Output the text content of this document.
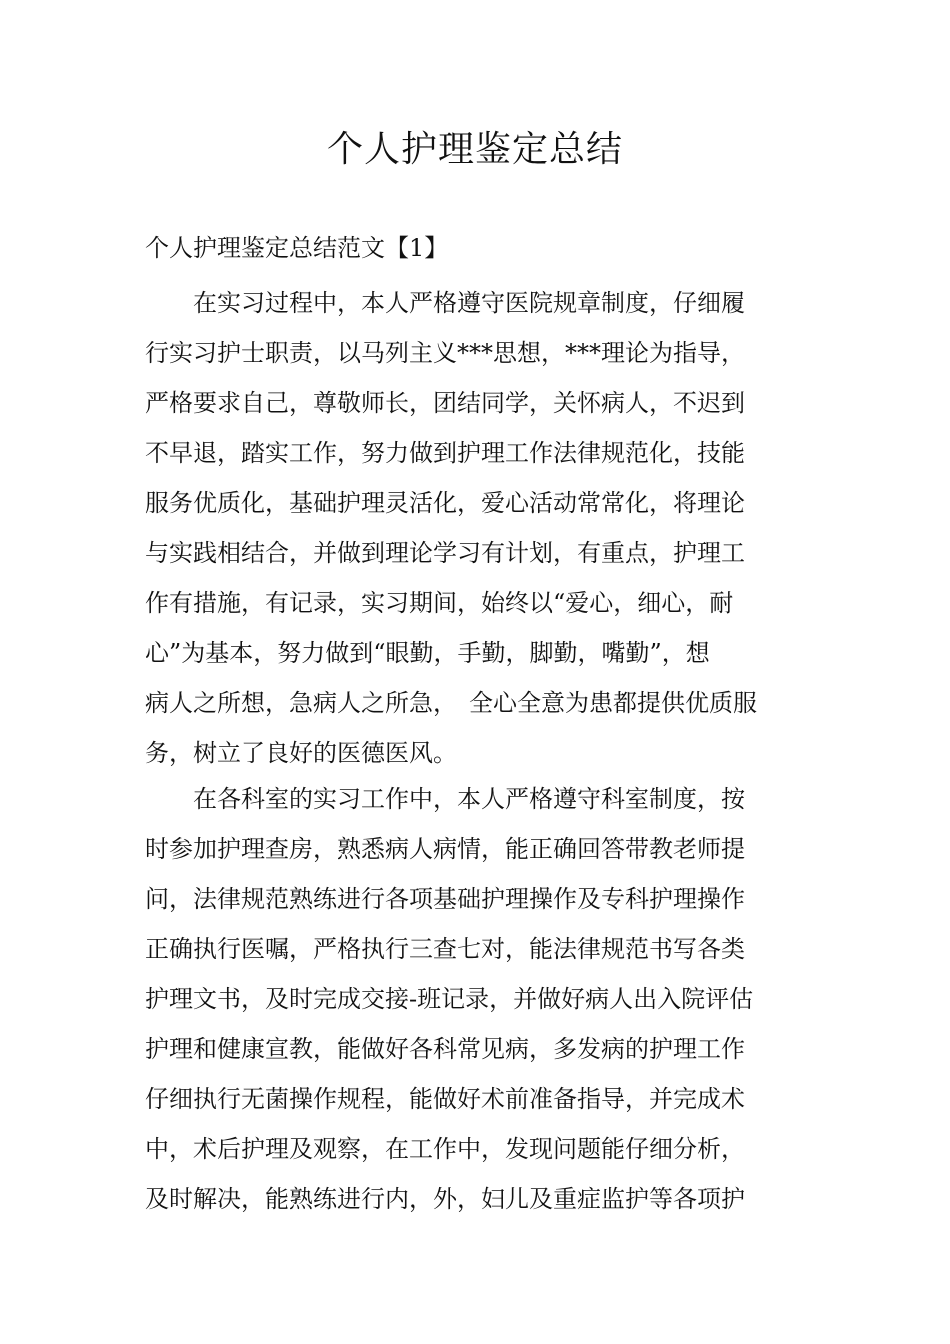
个人护理鉴定总结

个人护理鉴定总结范文【1】

　　在实习过程中，本人严格遵守医院规章制度，仔细履
行实习护士职责，以马列主义***思想，***理论为指导，
严格要求自己，尊敬师长，团结同学，关怀病人，不迟到
不早退，踏实工作，努力做到护理工作法律规范化，技能
服务优质化，基础护理灵活化，爱心活动常常化，将理论
与实践相结合，并做到理论学习有计划，有重点，护理工
作有措施，有记录，实习期间，始终以“爱心，细心，耐
心”为基本，努力做到“眼勤，手勤，脚勤，嘴勤”，想
病人之所想，急病人之所急，　全心全意为患都提供优质服
务，树立了良好的医德医风。
　　在各科室的实习工作中，本人严格遵守科室制度，按
时参加护理查房，熟悉病人病情，能正确回答带教老师提
问，法律规范熟练进行各项基础护理操作及专科护理操作
正确执行医嘱，严格执行三查七对，能法律规范书写各类
护理文书，及时完成交接-班记录，并做好病人出入院评估
护理和健康宣教，能做好各科常见病，多发病的护理工作
仔细执行无菌操作规程，能做好术前准备指导，并完成术
中，术后护理及观察，在工作中，发现问题能仔细分析，
及时解决，能熟练进行内，外，妇儿及重症监护等各项护
